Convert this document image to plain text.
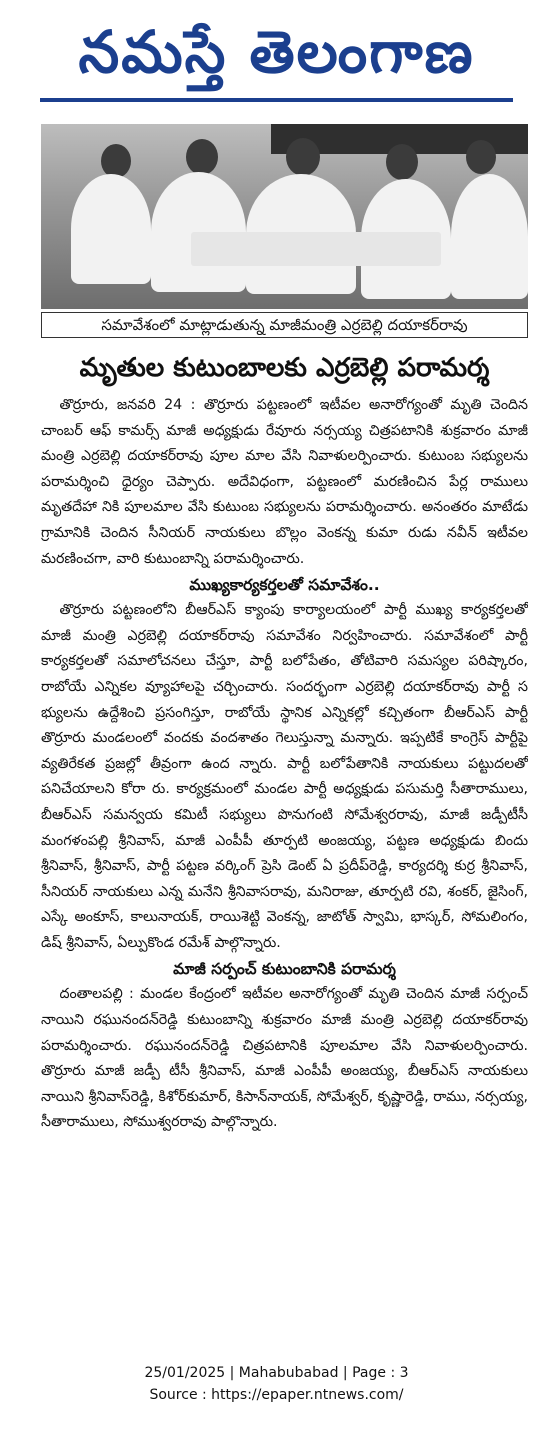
నమస్తే తెలంగాణ
సమావేశంలో మాట్లాడుతున్న మాజీమంత్రి ఎర్రబెల్లి దయాకర్‌రావు
మృతుల కుటుంబాలకు ఎర్రబెల్లి పరామర్శ

తొర్రూరు, జనవరి 24 : తొర్రూరు పట్టణంలో ఇటీవల అనారోగ్యంతో మృతి చెందిన చాంబర్ ఆఫ్ కామర్స్ మాజీ అధ్యక్షుడు రేవూరు నర్సయ్య చిత్రపటానికి శుక్రవారం మాజీ మంత్రి ఎర్రబెల్లి దయాకర్‌రావు పూల మాల వేసి నివాళులర్పించారు. కుటుంబ సభ్యులను పరామర్శించి ధైర్యం చెప్పారు. అదేవిధంగా, పట్టణంలో మరణించిన పేర్ల రాములు మృతదేహా నికి పూలమాల వేసి కుటుంబ సభ్యులను పరామర్శించారు. అనంతరం మాటేడు గ్రామానికి చెందిన సీనియర్ నాయకులు బొల్లం వెంకన్న కుమా రుడు నవీన్ ఇటీవల మరణించగా, వారి కుటుంబాన్ని పరామర్శించారు.

ముఖ్యకార్యకర్తలతో సమావేశం..

తొర్రూరు పట్టణంలోని బీఆర్‌ఎస్ క్యాంపు కార్యాలయంలో పార్టీ ముఖ్య కార్యకర్తలతో మాజీ మంత్రి ఎర్రబెల్లి దయాకర్‌రావు సమావేశం నిర్వహించారు. సమావేశంలో పార్టీ కార్యకర్తలతో సమాలోచనలు చేస్తూ, పార్టీ బలోపేతం, తోటివారి సమస్యల పరిష్కారం, రాబోయే ఎన్నికల వ్యూహాలపై చర్చించారు. సందర్భంగా ఎర్రబెల్లి దయాకర్‌రావు పార్టీ స భ్యులను ఉద్దేశించి ప్రసంగిస్తూ, రాబోయే స్థానిక ఎన్నికల్లో కచ్చితంగా బీఆర్‌ఎస్ పార్టీ తొర్రూరు మండలంలో వందకు వందశాతం గెలుస్తున్నా మన్నారు. ఇప్పటికే కాంగ్రెస్ పార్టీపై వ్యతిరేకత ప్రజల్లో తీవ్రంగా ఉంద న్నారు. పార్టీ బలోపేతానికి నాయకులు పట్టుదలతో పనిచేయాలని కోరా రు. కార్యక్రమంలో మండల పార్టీ అధ్యక్షుడు పసుమర్తి సీతారాములు, బీఆర్‌ఎస్ సమన్వయ కమిటీ సభ్యులు పొనుగంటి సోమేశ్వరరావు, మాజీ జడ్పీటీసీ మంగళంపల్లి శ్రీనివాస్, మాజీ ఎంపీపీ తూర్పటి అంజయ్య, పట్టణ అధ్యక్షుడు బిందు శ్రీనివాస్, శ్రీనివాస్, పార్టీ పట్టణ వర్కింగ్ ప్రెసి డెంట్ ఏ ప్రదీప్‌రెడ్డి, కార్యదర్శి కుర్ర శ్రీనివాస్, సీనియర్ నాయకులు ఎన్న మనేని శ్రీనివాసరావు, మనిరాజు, తూర్పటి రవి, శంకర్, జైసింగ్, ఎస్కే అంకూస్, కాలునాయక్, రాయిశెట్టి వెంకన్న, జాటోత్ స్వామి, భాస్కర్, సోమలింగం, డిష్ శ్రీనివాస్, ఏల్పుకొండ రమేశ్ పాల్గొన్నారు.

మాజీ సర్పంచ్ కుటుంబానికి పరామర్శ

దంతాలపల్లి : మండల కేంద్రంలో ఇటీవల అనారోగ్యంతో మృతి చెందిన మాజీ సర్పంచ్ నాయిని రఘునందన్‌రెడ్డి కుటుంబాన్ని శుక్రవారం మాజీ మంత్రి ఎర్రబెల్లి దయాకర్‌రావు పరామర్శించారు. రఘునందన్‌రెడ్డి చిత్రపటానికి పూలమాల వేసి నివాళులర్పించారు. తొర్రూరు మాజీ జడ్పీ టీసీ శ్రీనివాస్, మాజీ ఎంపీపీ అంజయ్య, బీఆర్‌ఎస్ నాయకులు నాయిని శ్రీనివాస్‌రెడ్డి, కిశోర్‌కుమార్, కిసాన్‌నాయక్, సోమేశ్వర్, కృష్ణారెడ్డి, రాము, నర్సయ్య, సీతారాములు, సోముశ్వరరావు పాల్గొన్నారు.

25/01/2025 | Mahabubabad | Page : 3
Source : https://epaper.ntnews.com/
